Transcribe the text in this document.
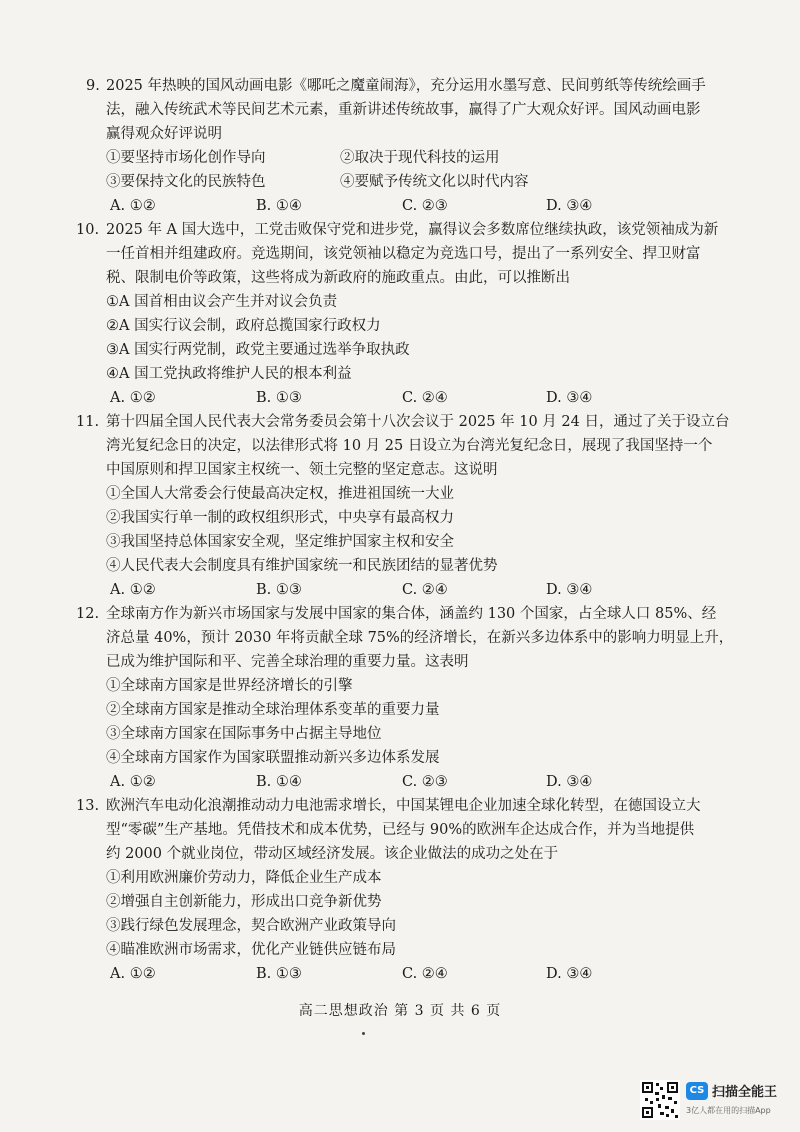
9. 2025 年热映的国风动画电影《哪吒之魔童闹海》，充分运用水墨写意、民间剪纸等传统绘画手
法，融入传统武术等民间艺术元素，重新讲述传统故事，赢得了广大观众好评。国风动画电影
赢得观众好评说明
①要坚持市场化创作导向	②取决于现代科技的运用
③要保持文化的民族特色	④要赋予传统文化以时代内容
A. ①②	B. ①④	C. ②③	D. ③④
10. 2025 年 A 国大选中，工党击败保守党和进步党，赢得议会多数席位继续执政，该党领袖成为新
一任首相并组建政府。竞选期间，该党领袖以稳定为竞选口号，提出了一系列安全、捍卫财富
税、限制电价等政策，这些将成为新政府的施政重点。由此，可以推断出
①A 国首相由议会产生并对议会负责
②A 国实行议会制，政府总揽国家行政权力
③A 国实行两党制，政党主要通过选举争取执政
④A 国工党执政将维护人民的根本利益
A. ①②	B. ①③	C. ②④	D. ③④
11. 第十四届全国人民代表大会常务委员会第十八次会议于 2025 年 10 月 24 日，通过了关于设立台
湾光复纪念日的决定，以法律形式将 10 月 25 日设立为台湾光复纪念日，展现了我国坚持一个
中国原则和捍卫国家主权统一、领土完整的坚定意志。这说明
①全国人大常委会行使最高决定权，推进祖国统一大业
②我国实行单一制的政权组织形式，中央享有最高权力
③我国坚持总体国家安全观，坚定维护国家主权和安全
④人民代表大会制度具有维护国家统一和民族团结的显著优势
A. ①②	B. ①③	C. ②④	D. ③④
12. 全球南方作为新兴市场国家与发展中国家的集合体，涵盖约 130 个国家，占全球人口 85%、经
济总量 40%，预计 2030 年将贡献全球 75%的经济增长，在新兴多边体系中的影响力明显上升，
已成为维护国际和平、完善全球治理的重要力量。这表明
①全球南方国家是世界经济增长的引擎
②全球南方国家是推动全球治理体系变革的重要力量
③全球南方国家在国际事务中占据主导地位
④全球南方国家作为国家联盟推动新兴多边体系发展
A. ①②	B. ①④	C. ②③	D. ③④
13. 欧洲汽车电动化浪潮推动动力电池需求增长，中国某锂电企业加速全球化转型，在德国设立大
型“零碳”生产基地。凭借技术和成本优势，已经与 90%的欧洲车企达成合作，并为当地提供
约 2000 个就业岗位，带动区域经济发展。该企业做法的成功之处在于
①利用欧洲廉价劳动力，降低企业生产成本
②增强自主创新能力，形成出口竞争新优势
③践行绿色发展理念，契合欧洲产业政策导向
④瞄准欧洲市场需求，优化产业链供应链布局
A. ①②	B. ①③	C. ②④	D. ③④
高二思想政治 第 3 页 共 6 页
CS 扫描全能王
3亿人都在用的扫描App
